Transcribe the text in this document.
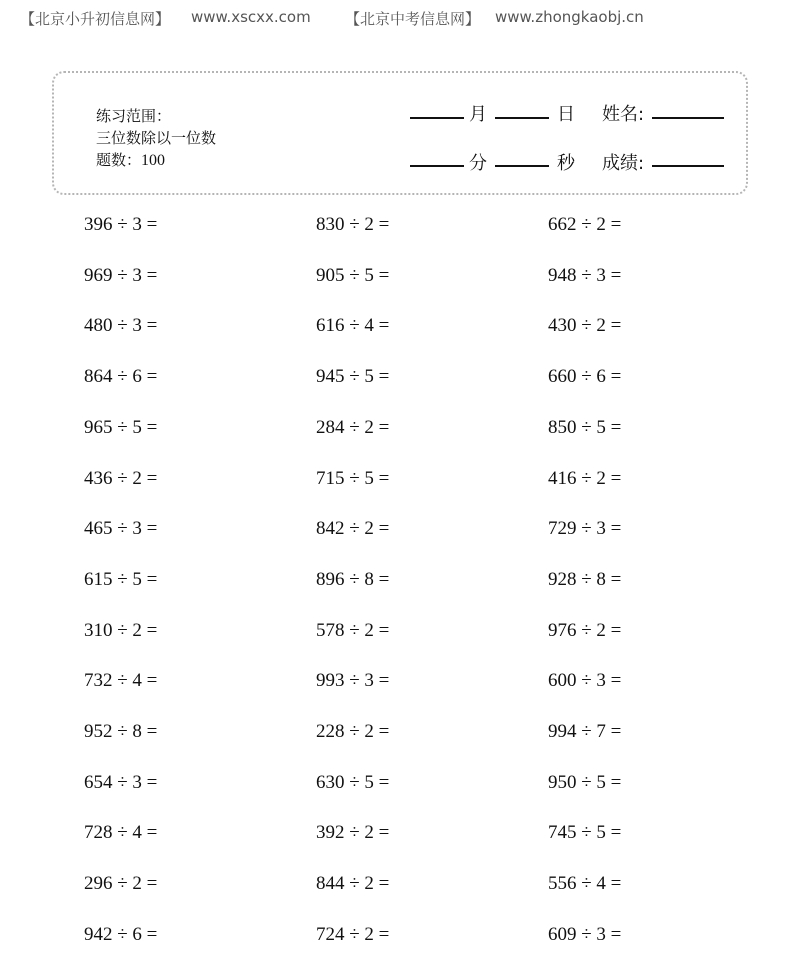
【北京小升初信息网】 www.xscxx.com 【北京中考信息网】 www.zhongkaobj.cn
练习范围：
三位数除以一位数
题数：100
月	日 姓名:
分	秒 成绩:
396 ÷ 3 =	830 ÷ 2 =	662 ÷ 2 =
969 ÷ 3 =	905 ÷ 5 =	948 ÷ 3 =
480 ÷ 3 =	616 ÷ 4 =	430 ÷ 2 =
864 ÷ 6 =	945 ÷ 5 =	660 ÷ 6 =
965 ÷ 5 =	284 ÷ 2 =	850 ÷ 5 =
436 ÷ 2 =	715 ÷ 5 =	416 ÷ 2 =
465 ÷ 3 =	842 ÷ 2 =	729 ÷ 3 =
615 ÷ 5 =	896 ÷ 8 =	928 ÷ 8 =
310 ÷ 2 =	578 ÷ 2 =	976 ÷ 2 =
732 ÷ 4 =	993 ÷ 3 =	600 ÷ 3 =
952 ÷ 8 =	228 ÷ 2 =	994 ÷ 7 =
654 ÷ 3 =	630 ÷ 5 =	950 ÷ 5 =
728 ÷ 4 =	392 ÷ 2 =	745 ÷ 5 =
296 ÷ 2 =	844 ÷ 2 =	556 ÷ 4 =
942 ÷ 6 =	724 ÷ 2 =	609 ÷ 3 =
